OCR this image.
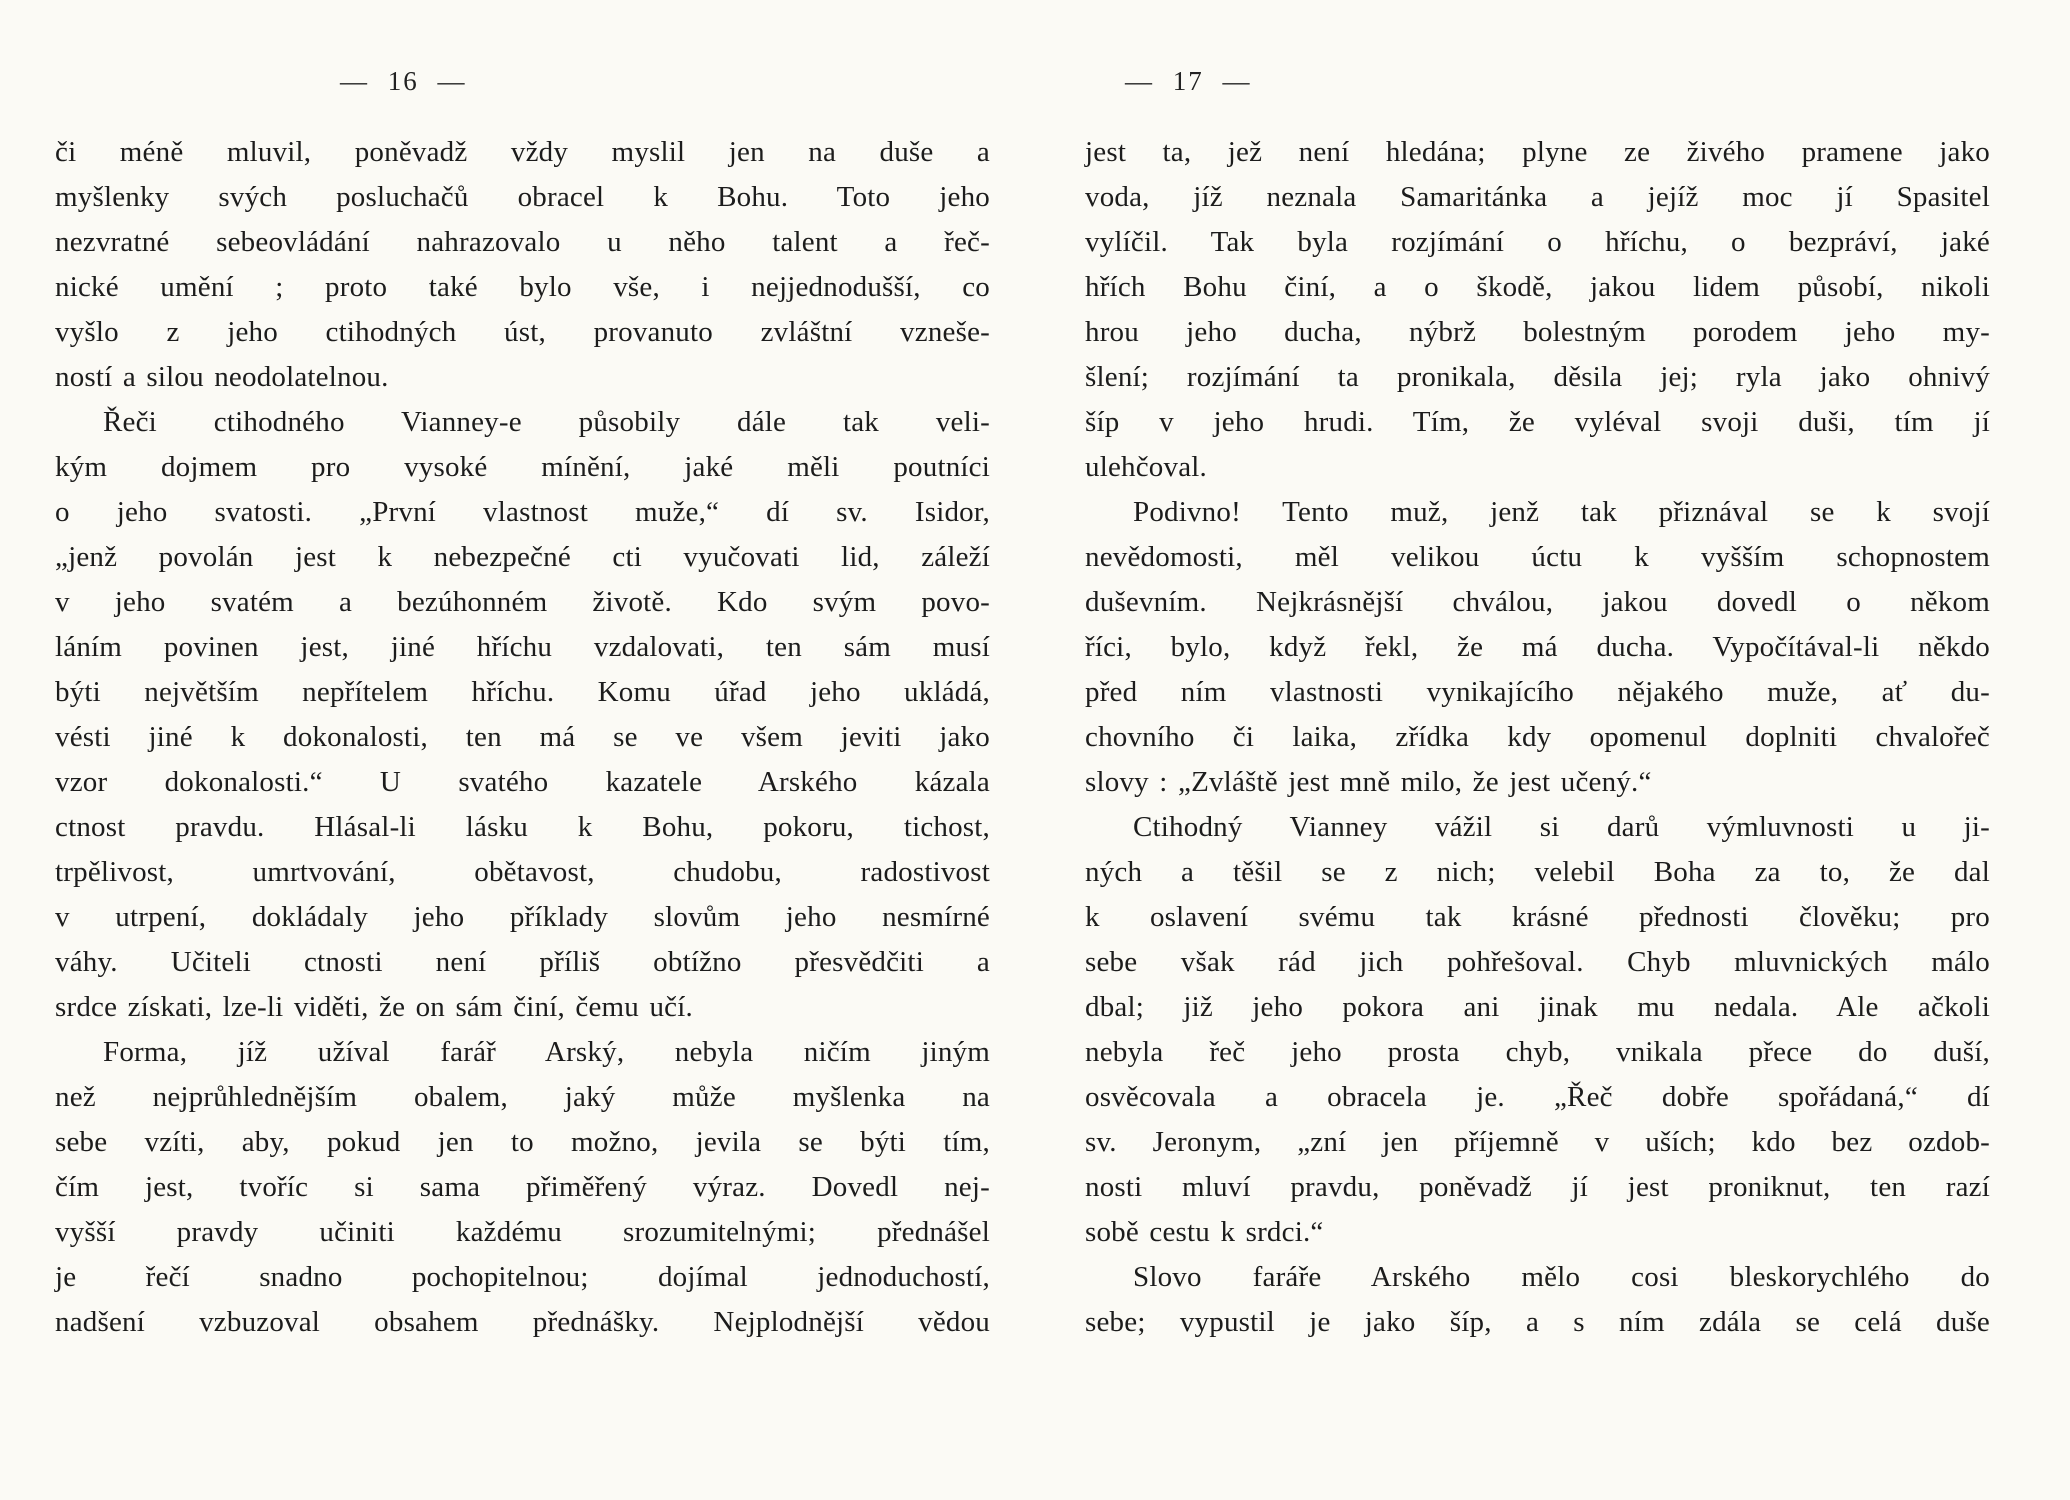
— 16 —

či méně mluvil, poněvadž vždy myslil jen na duše a
myšlenky svých posluchačů obracel k Bohu. Toto jeho
nezvratné sebeovládání nahrazovalo u něho talent a řeč-
nické umění ; proto také bylo vše, i nejjednodušší, co
vyšlo z jeho ctihodných úst, provanuto zvláštní vzneše-
ností a silou neodolatelnou.

Řeči ctihodného Vianney-e působily dále tak veli-
kým dojmem pro vysoké mínění, jaké měli poutníci
o jeho svatosti. „První vlastnost muže,“ dí sv. Isidor,
„jenž povolán jest k nebezpečné cti vyučovati lid, záleží
v jeho svatém a bezúhonném životě. Kdo svým povo-
láním povinen jest, jiné hříchu vzdalovati, ten sám musí
býti největším nepřítelem hříchu. Komu úřad jeho ukládá,
vésti jiné k dokonalosti, ten má se ve všem jeviti jako
vzor dokonalosti.“ U svatého kazatele Arského kázala
ctnost pravdu. Hlásal-li lásku k Bohu, pokoru, tichost,
trpělivost, umrtvování, obětavost, chudobu, radostivost
v utrpení, dokládaly jeho příklady slovům jeho nesmírné
váhy. Učiteli ctnosti není příliš obtížno přesvědčiti a
srdce získati, lze-li viděti, že on sám činí, čemu učí.

Forma, jíž užíval farář Arský, nebyla ničím jiným
než nejprůhlednějším obalem, jaký může myšlenka na
sebe vzíti, aby, pokud jen to možno, jevila se býti tím,
čím jest, tvoříc si sama přiměřený výraz. Dovedl nej-
vyšší pravdy učiniti každému srozumitelnými; přednášel
je řečí snadno pochopitelnou; dojímal jednoduchostí,
nadšení vzbuzoval obsahem přednášky. Nejplodnější vědou

— 17 —

jest ta, jež není hledána; plyne ze živého pramene jako
voda, jíž neznala Samaritánka a jejíž moc jí Spasitel
vylíčil. Tak byla rozjímání o hříchu, o bezpráví, jaké
hřích Bohu činí, a o škodě, jakou lidem působí, nikoli
hrou jeho ducha, nýbrž bolestným porodem jeho my-
šlení; rozjímání ta pronikala, děsila jej; ryla jako ohnivý
šíp v jeho hrudi. Tím, že vyléval svoji duši, tím jí
ulehčoval.

Podivno! Tento muž, jenž tak přiznával se k svojí
nevědomosti, měl velikou úctu k vyšším schopnostem
duševním. Nejkrásnější chválou, jakou dovedl o někom
říci, bylo, když řekl, že má ducha. Vypočítával-li někdo
před ním vlastnosti vynikajícího nějakého muže, ať du-
chovního či laika, zřídka kdy opomenul doplniti chvalořeč
slovy : „Zvláště jest mně milo, že jest učený.“

Ctihodný Vianney vážil si darů výmluvnosti u ji-
ných a těšil se z nich; velebil Boha za to, že dal
k oslavení svému tak krásné přednosti člověku; pro
sebe však rád jich pohřešoval. Chyb mluvnických málo
dbal; již jeho pokora ani jinak mu nedala. Ale ačkoli
nebyla řeč jeho prosta chyb, vnikala přece do duší,
osvěcovala a obracela je. „Řeč dobře spořádaná,“ dí
sv. Jeronym, „zní jen příjemně v uších; kdo bez ozdob-
nosti mluví pravdu, poněvadž jí jest proniknut, ten razí
sobě cestu k srdci.“

Slovo faráře Arského mělo cosi bleskorychlého do
sebe; vypustil je jako šíp, a s ním zdála se celá duše
